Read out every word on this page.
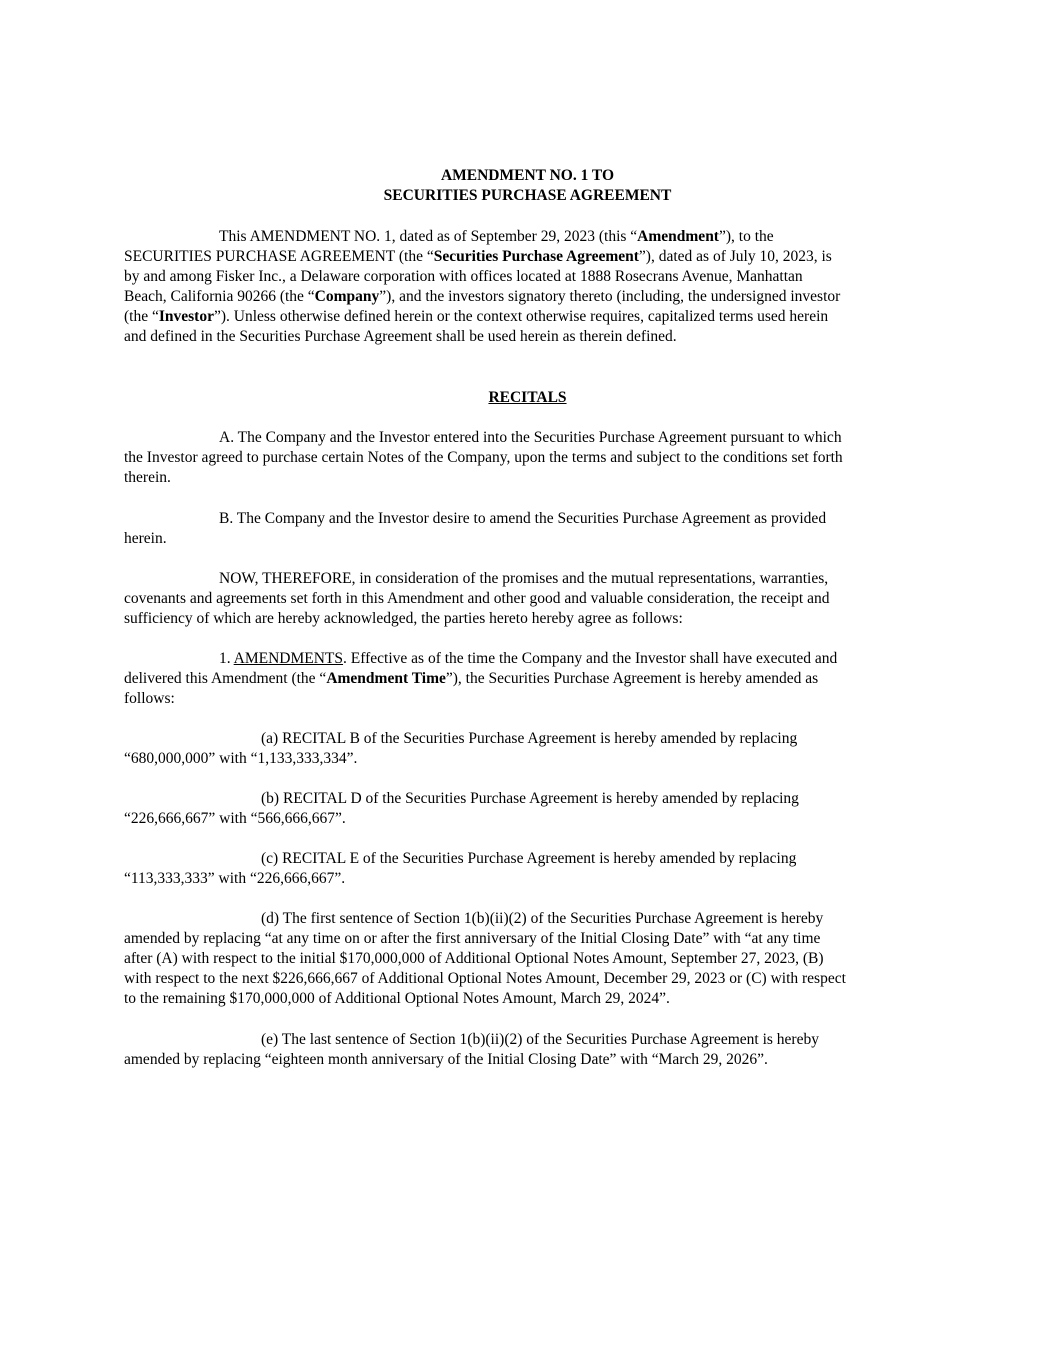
AMENDMENT NO. 1 TO
SECURITIES PURCHASE AGREEMENT
This AMENDMENT NO. 1, dated as of September 29, 2023 (this “Amendment”), to the
SECURITIES PURCHASE AGREEMENT (the “Securities Purchase Agreement”), dated as of July 10, 2023, is
by and among Fisker Inc., a Delaware corporation with offices located at 1888 Rosecrans Avenue, Manhattan
Beach, California 90266 (the “Company”), and the investors signatory thereto (including, the undersigned investor
(the “Investor”). Unless otherwise defined herein or the context otherwise requires, capitalized terms used herein
and defined in the Securities Purchase Agreement shall be used herein as therein defined.
RECITALS
A. The Company and the Investor entered into the Securities Purchase Agreement pursuant to which
the Investor agreed to purchase certain Notes of the Company, upon the terms and subject to the conditions set forth
therein.
B. The Company and the Investor desire to amend the Securities Purchase Agreement as provided
herein.
NOW, THEREFORE, in consideration of the promises and the mutual representations, warranties,
covenants and agreements set forth in this Amendment and other good and valuable consideration, the receipt and
sufficiency of which are hereby acknowledged, the parties hereto hereby agree as follows:
1. AMENDMENTS. Effective as of the time the Company and the Investor shall have executed and
delivered this Amendment (the “Amendment Time”), the Securities Purchase Agreement is hereby amended as
follows:
(a) RECITAL B of the Securities Purchase Agreement is hereby amended by replacing
“680,000,000” with “1,133,333,334”.
(b) RECITAL D of the Securities Purchase Agreement is hereby amended by replacing
“226,666,667” with “566,666,667”.
(c) RECITAL E of the Securities Purchase Agreement is hereby amended by replacing
“113,333,333” with “226,666,667”.
(d) The first sentence of Section 1(b)(ii)(2) of the Securities Purchase Agreement is hereby
amended by replacing “at any time on or after the first anniversary of the Initial Closing Date” with “at any time
after (A) with respect to the initial $170,000,000 of Additional Optional Notes Amount, September 27, 2023, (B)
with respect to the next $226,666,667 of Additional Optional Notes Amount, December 29, 2023 or (C) with respect
to the remaining $170,000,000 of Additional Optional Notes Amount, March 29, 2024”.
(e) The last sentence of Section 1(b)(ii)(2) of the Securities Purchase Agreement is hereby
amended by replacing “eighteen month anniversary of the Initial Closing Date” with “March 29, 2026”.
